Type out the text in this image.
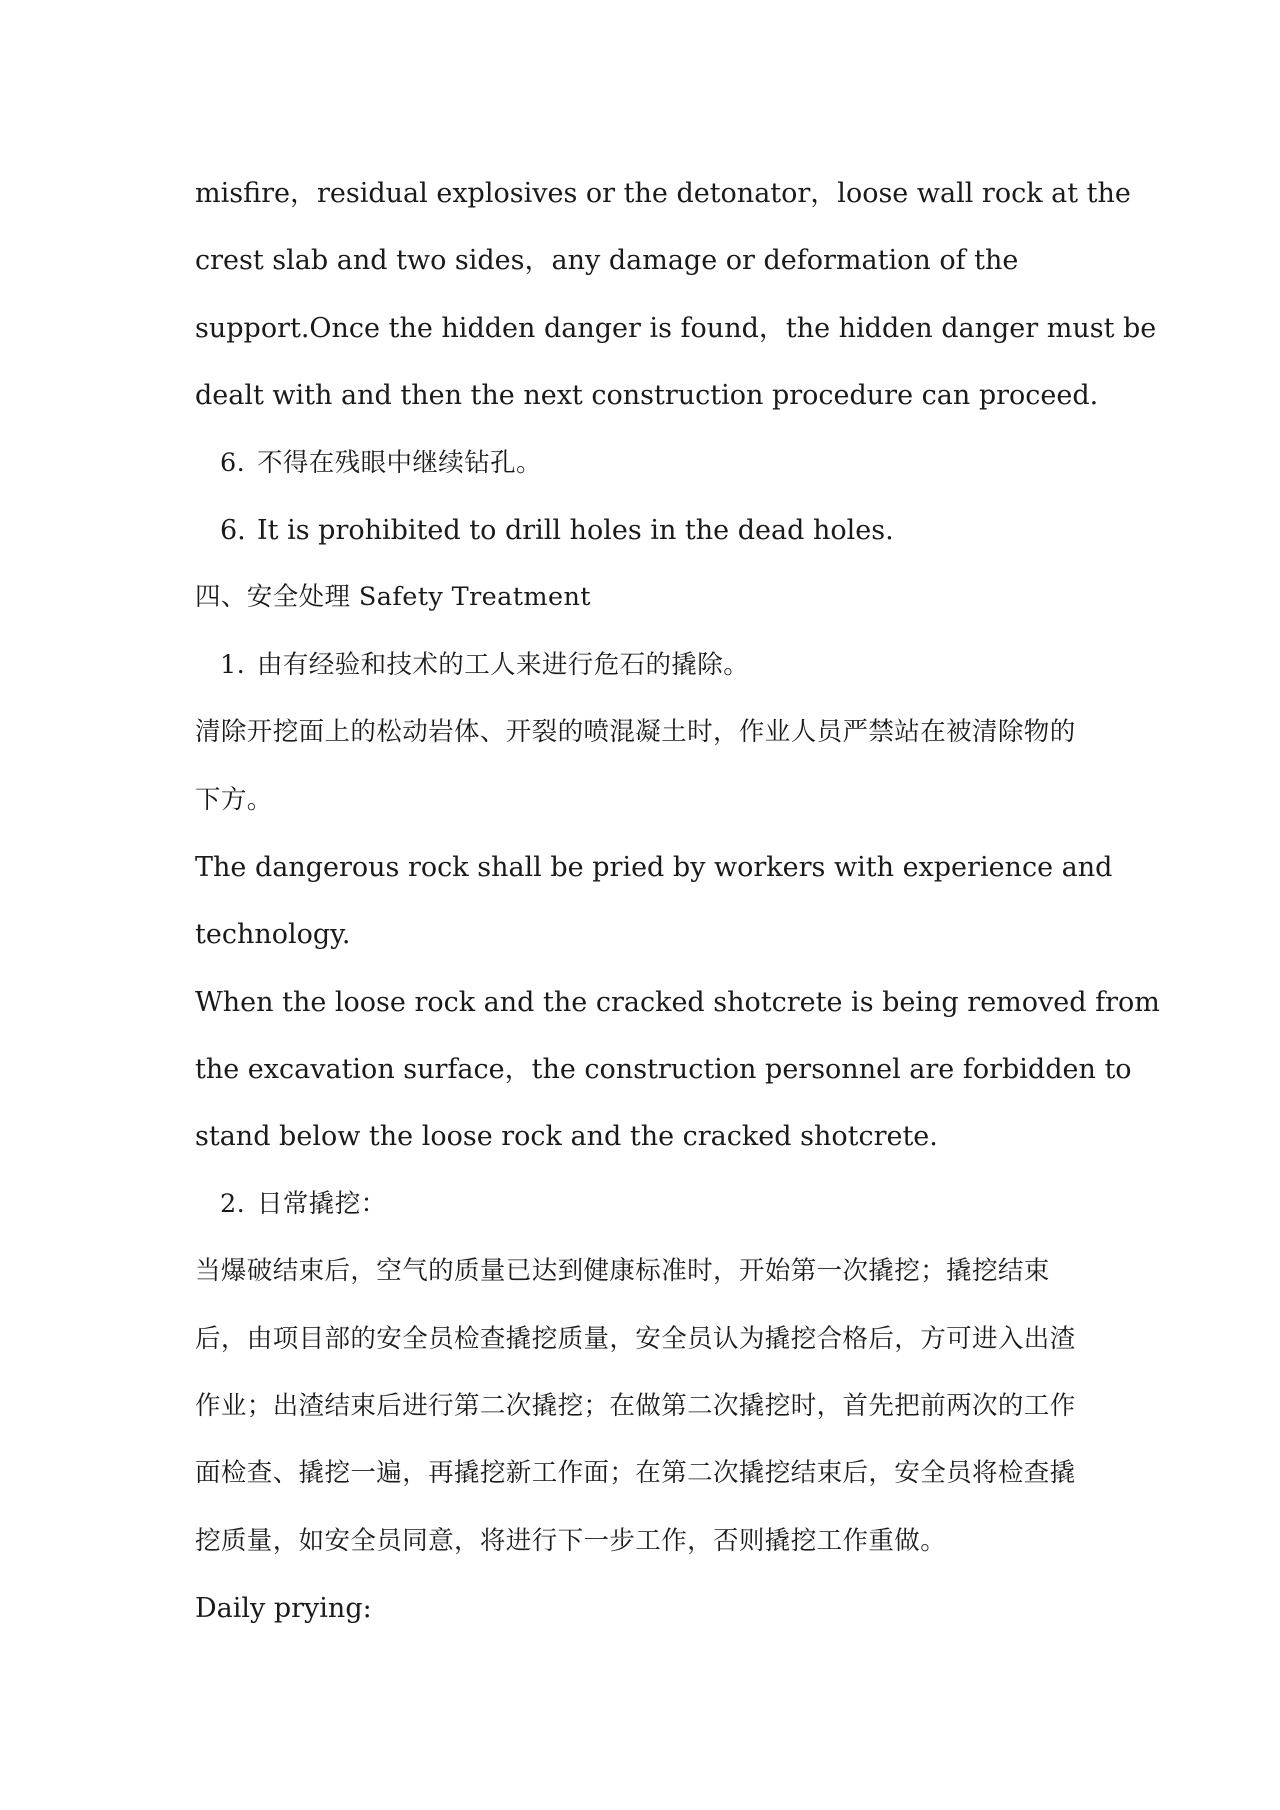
misfire，residual explosives or the detonator，loose wall rock at the
crest slab and two sides，any damage or deformation of the
support.Once the hidden danger is found，the hidden danger must be
dealt with and then the next construction procedure can proceed.
6. 不得在残眼中继续钻孔。
6. It is prohibited to drill holes in the dead holes.
四、安全处理 Safety Treatment
1. 由有经验和技术的工人来进行危石的撬除。
清除开挖面上的松动岩体、开裂的喷混凝土时，作业人员严禁站在被清除物的
下方。
The dangerous rock shall be pried by workers with experience and
technology.
When the loose rock and the cracked shotcrete is being removed from
the excavation surface，the construction personnel are forbidden to
stand below the loose rock and the cracked shotcrete.
2. 日常撬挖：
当爆破结束后，空气的质量已达到健康标准时，开始第一次撬挖；撬挖结束
后，由项目部的安全员检查撬挖质量，安全员认为撬挖合格后，方可进入出渣
作业；出渣结束后进行第二次撬挖；在做第二次撬挖时，首先把前两次的工作
面检查、撬挖一遍，再撬挖新工作面；在第二次撬挖结束后，安全员将检查撬
挖质量，如安全员同意，将进行下一步工作，否则撬挖工作重做。
Daily prying:
